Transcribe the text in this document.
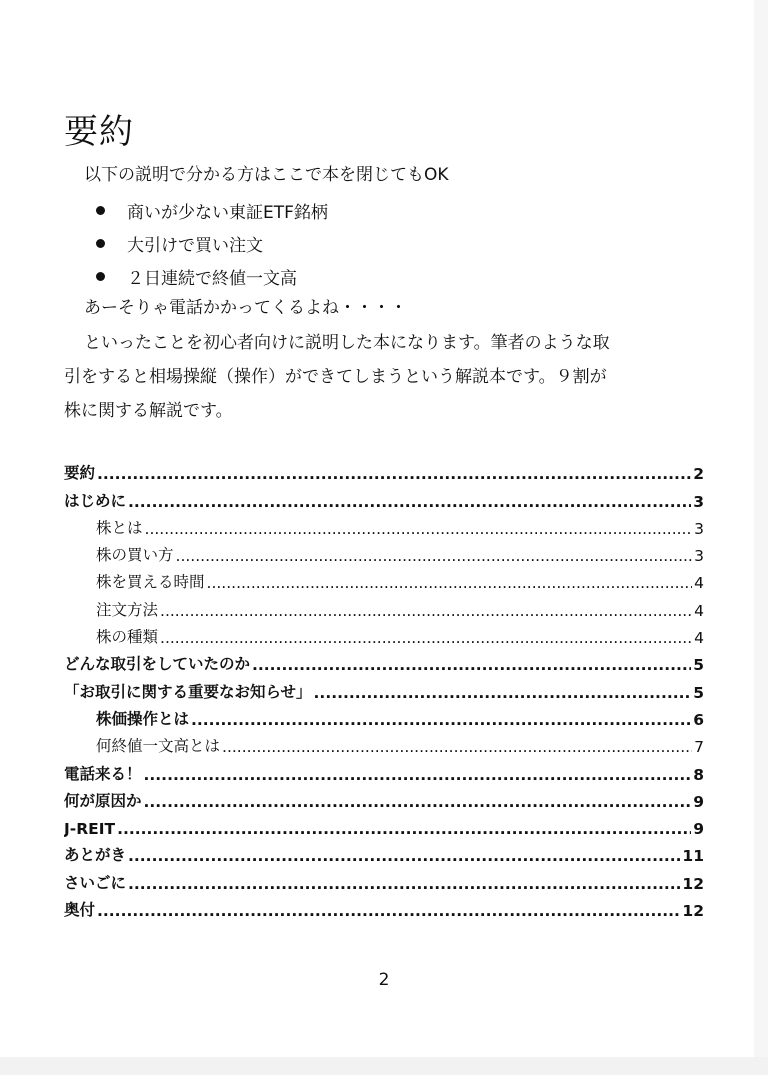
要約
以下の説明で分かる方はここで本を閉じてもOK
商いが少ない東証ETF銘柄
大引けで買い注文
２日連続で終値一文高
あーそりゃ電話かかってくるよね・・・・
といったことを初心者向けに説明した本になります。筆者のような取
引をすると相場操縦（操作）ができてしまうという解説本です。９割が
株に関する解説です。
要約 .....	2
はじめに .....	3
株とは .....	3
株の買い方 .....	3
株を買える時間 .....	4
注文方法 .....	4
株の種類 .....	4
どんな取引をしていたのか .....	5
「お取引に関する重要なお知らせ」 .....	5
株価操作とは .....	6
何終値一文高とは .....	7
電話来る！ .....	8
何が原因か .....	9
J-REIT .....	9
あとがき .....	11
さいごに .....	12
奥付 .....	12
2
